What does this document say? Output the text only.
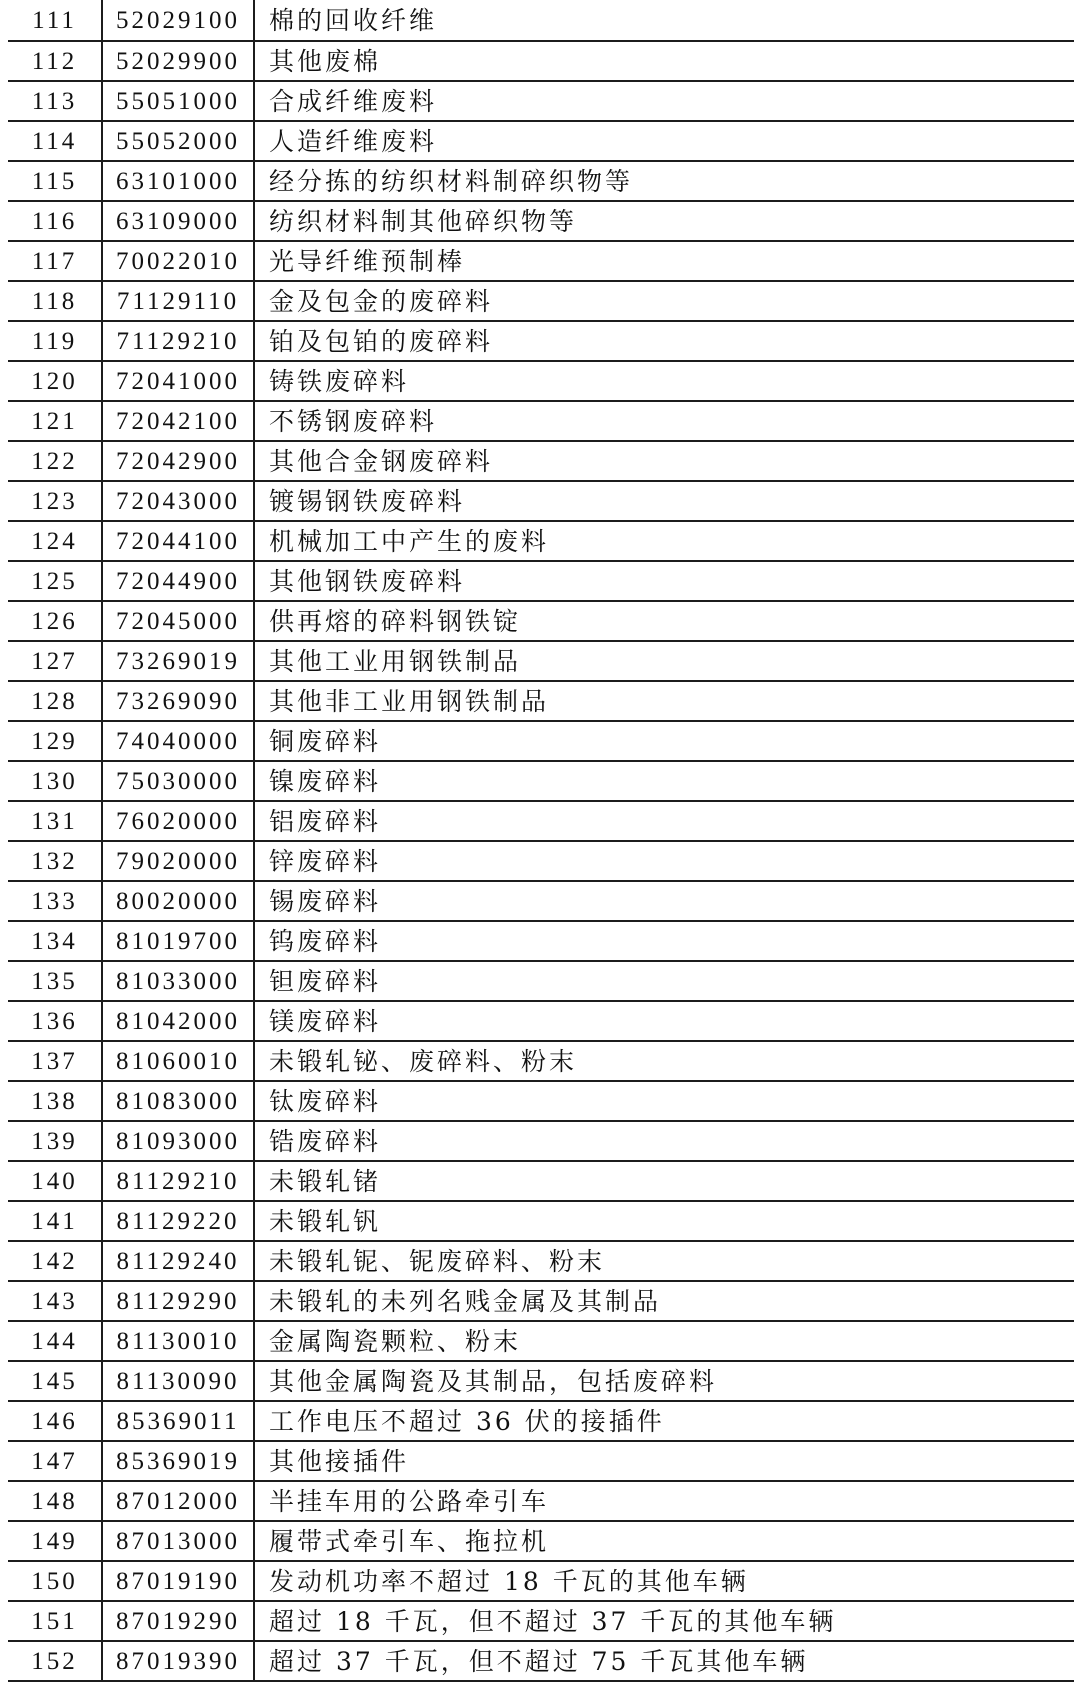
111	52029100	棉的回收纤维
112	52029900	其他废棉
113	55051000	合成纤维废料
114	55052000	人造纤维废料
115	63101000	经分拣的纺织材料制碎织物等
116	63109000	纺织材料制其他碎织物等
117	70022010	光导纤维预制棒
118	71129110	金及包金的废碎料
119	71129210	铂及包铂的废碎料
120	72041000	铸铁废碎料
121	72042100	不锈钢废碎料
122	72042900	其他合金钢废碎料
123	72043000	镀锡钢铁废碎料
124	72044100	机械加工中产生的废料
125	72044900	其他钢铁废碎料
126	72045000	供再熔的碎料钢铁锭
127	73269019	其他工业用钢铁制品
128	73269090	其他非工业用钢铁制品
129	74040000	铜废碎料
130	75030000	镍废碎料
131	76020000	铝废碎料
132	79020000	锌废碎料
133	80020000	锡废碎料
134	81019700	钨废碎料
135	81033000	钽废碎料
136	81042000	镁废碎料
137	81060010	未锻轧铋、废碎料、粉末
138	81083000	钛废碎料
139	81093000	锆废碎料
140	81129210	未锻轧锗
141	81129220	未锻轧钒
142	81129240	未锻轧铌、铌废碎料、粉末
143	81129290	未锻轧的未列名贱金属及其制品
144	81130010	金属陶瓷颗粒、粉末
145	81130090	其他金属陶瓷及其制品，包括废碎料
146	85369011	工作电压不超过 36 伏的接插件
147	85369019	其他接插件
148	87012000	半挂车用的公路牵引车
149	87013000	履带式牵引车、拖拉机
150	87019190	发动机功率不超过 18 千瓦的其他车辆
151	87019290	超过 18 千瓦，但不超过 37 千瓦的其他车辆
152	87019390	超过 37 千瓦，但不超过 75 千瓦其他车辆
